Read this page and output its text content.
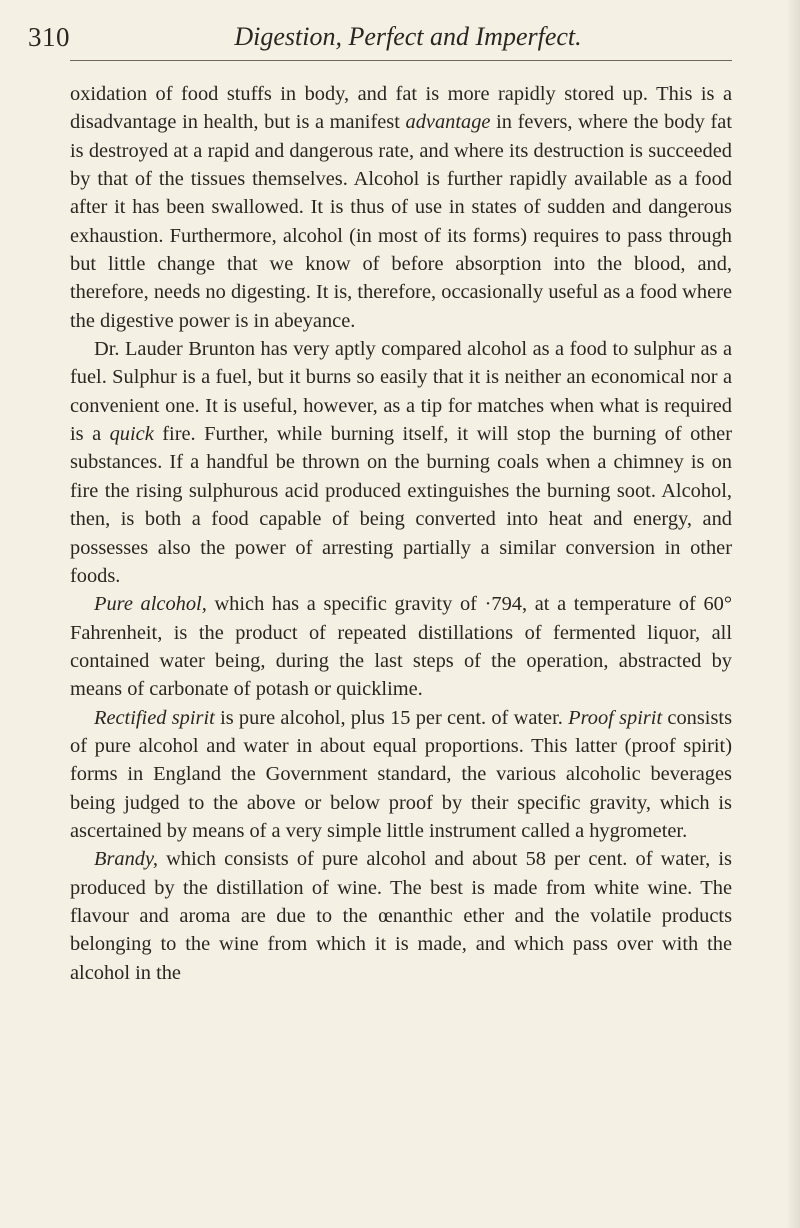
310	Digestion, Perfect and Imperfect.

oxidation of food stuffs in body, and fat is more rapidly stored up. This is a disadvantage in health, but is a manifest advantage in fevers, where the body fat is destroyed at a rapid and dangerous rate, and where its destruction is succeeded by that of the tissues themselves. Alcohol is further rapidly available as a food after it has been swallowed. It is thus of use in states of sudden and dangerous exhaustion. Furthermore, alcohol (in most of its forms) requires to pass through but little change that we know of before absorption into the blood, and, therefore, needs no digesting. It is, therefore, occasionally useful as a food where the digestive power is in abeyance.

Dr. Lauder Brunton has very aptly compared alcohol as a food to sulphur as a fuel. Sulphur is a fuel, but it burns so easily that it is neither an economical nor a convenient one. It is useful, however, as a tip for matches when what is required is a quick fire. Further, while burning itself, it will stop the burning of other substances. If a handful be thrown on the burning coals when a chimney is on fire the rising sulphurous acid produced extinguishes the burning soot. Alcohol, then, is both a food capable of being converted into heat and energy, and possesses also the power of arresting partially a similar conversion in other foods.

Pure alcohol, which has a specific gravity of ·794, at a temperature of 60° Fahrenheit, is the product of repeated distillations of fermented liquor, all contained water being, during the last steps of the operation, abstracted by means of carbonate of potash or quicklime.

Rectified spirit is pure alcohol, plus 15 per cent. of water. Proof spirit consists of pure alcohol and water in about equal proportions. This latter (proof spirit) forms in England the Government standard, the various alcoholic beverages being judged to the above or below proof by their specific gravity, which is ascertained by means of a very simple little instrument called a hygrometer.

Brandy, which consists of pure alcohol and about 58 per cent. of water, is produced by the distillation of wine. The best is made from white wine. The flavour and aroma are due to the œnanthic ether and the volatile products belonging to the wine from which it is made, and which pass over with the alcohol in the
